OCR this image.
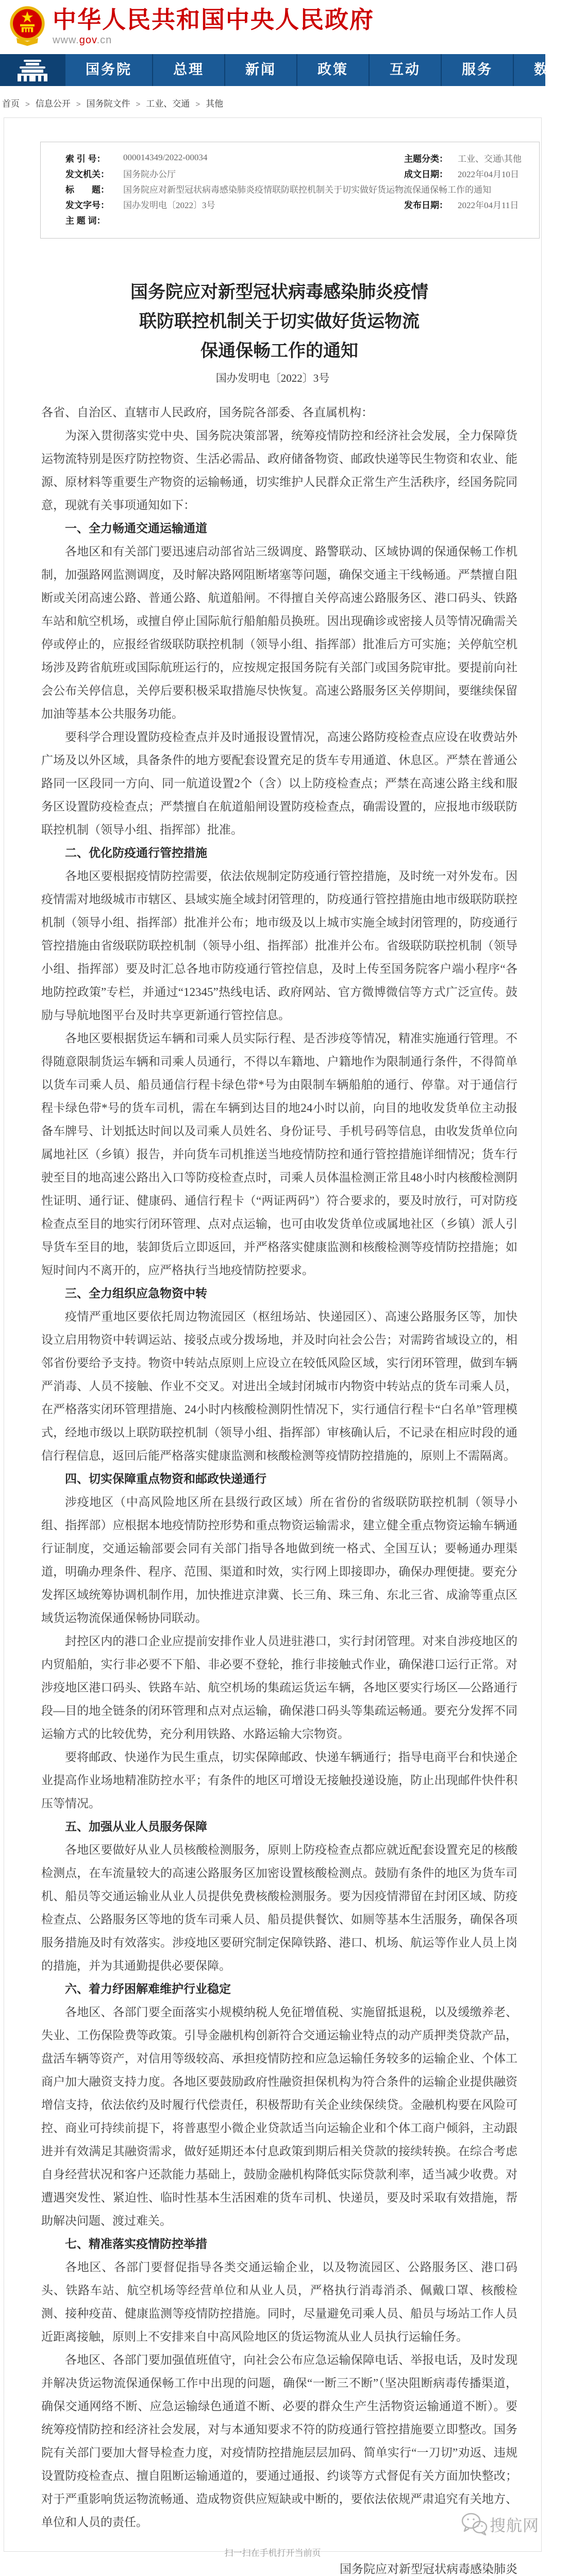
中华人民共和国中央人民政府
www.gov.cn
国务院	总理	新闻	政策	互动	服务	数据
首页 > 信息公开 > 国务院文件 > 工业、交通 > 其他
索 引 号：	000014349/2022-00034	主题分类：	工业、交通\其他
发文机关：	国务院办公厅	成文日期：	2022年04月10日
标　　题：	国务院应对新型冠状病毒感染肺炎疫情联防联控机制关于切实做好货运物流保通保畅工作的通知
发文字号：	国办发明电〔2022〕3号	发布日期：	2022年04月11日
主 题 词：
国务院应对新型冠状病毒感染肺炎疫情
联防联控机制关于切实做好货运物流
保通保畅工作的通知
国办发明电〔2022〕3号

各省、自治区、直辖市人民政府，国务院各部委、各直属机构：

为深入贯彻落实党中央、国务院决策部署，统筹疫情防控和经济社会发展，全力保障货运物流特别是医疗防控物资、生活必需品、政府储备物资、邮政快递等民生物资和农业、能源、原材料等重要生产物资的运输畅通，切实维护人民群众正常生产生活秩序，经国务院同意，现就有关事项通知如下：

一、全力畅通交通运输通道

各地区和有关部门要迅速启动部省站三级调度、路警联动、区域协调的保通保畅工作机制，加强路网监测调度，及时解决路网阻断堵塞等问题，确保交通主干线畅通。严禁擅自阻断或关闭高速公路、普通公路、航道船闸。不得擅自关停高速公路服务区、港口码头、铁路车站和航空机场，或擅自停止国际航行船舶船员换班。因出现确诊或密接人员等情况确需关停或停止的，应报经省级联防联控机制（领导小组、指挥部）批准后方可实施；关停航空机场涉及跨省航班或国际航班运行的，应按规定报国务院有关部门或国务院审批。要提前向社会公布关停信息，关停后要积极采取措施尽快恢复。高速公路服务区关停期间，要继续保留加油等基本公共服务功能。

要科学合理设置防疫检查点并及时通报设置情况，高速公路防疫检查点应设在收费站外广场及以外区域，具备条件的地方要配套设置充足的货车专用通道、休息区。严禁在普通公路同一区段同一方向、同一航道设置2个（含）以上防疫检查点；严禁在高速公路主线和服务区设置防疫检查点；严禁擅自在航道船闸设置防疫检查点，确需设置的，应报地市级联防联控机制（领导小组、指挥部）批准。

二、优化防疫通行管控措施

各地区要根据疫情防控需要，依法依规制定防疫通行管控措施，及时统一对外发布。因疫情需对地级城市市辖区、县域实施全域封闭管理的，防疫通行管控措施由地市级联防联控机制（领导小组、指挥部）批准并公布；地市级及以上城市实施全域封闭管理的，防疫通行管控措施由省级联防联控机制（领导小组、指挥部）批准并公布。省级联防联控机制（领导小组、指挥部）要及时汇总各地市防疫通行管控信息，及时上传至国务院客户端小程序“各地防控政策”专栏，并通过“12345”热线电话、政府网站、官方微博微信等方式广泛宣传。鼓励与导航地图平台及时共享更新通行管控信息。

各地区要根据货运车辆和司乘人员实际行程、是否涉疫等情况，精准实施通行管理。不得随意限制货运车辆和司乘人员通行，不得以车籍地、户籍地作为限制通行条件，不得简单以货车司乘人员、船员通信行程卡绿色带*号为由限制车辆船舶的通行、停靠。对于通信行程卡绿色带*号的货车司机，需在车辆到达目的地24小时以前，向目的地收发货单位主动报备车牌号、计划抵达时间以及司乘人员姓名、身份证号、手机号码等信息，由收发货单位向属地社区（乡镇）报告，并向货车司机推送当地疫情防控和通行管控措施详细情况；货车行驶至目的地高速公路出入口等防疫检查点时，司乘人员体温检测正常且48小时内核酸检测阴性证明、通行证、健康码、通信行程卡（“两证两码”）符合要求的，要及时放行，可对防疫检查点至目的地实行闭环管理、点对点运输，也可由收发货单位或属地社区（乡镇）派人引导货车至目的地，装卸货后立即返回，并严格落实健康监测和核酸检测等疫情防控措施；如短时间内不离开的，应严格执行当地疫情防控要求。

三、全力组织应急物资中转

疫情严重地区要依托周边物流园区（枢纽场站、快递园区）、高速公路服务区等，加快设立启用物资中转调运站、接驳点或分拨场地，并及时向社会公告；对需跨省域设立的，相邻省份要给予支持。物资中转站点原则上应设立在较低风险区域，实行闭环管理，做到车辆严消毒、人员不接触、作业不交叉。对进出全域封闭城市内物资中转站点的货车司乘人员，在严格落实闭环管理措施、24小时内核酸检测阴性情况下，实行通信行程卡“白名单”管理模式，经地市级以上联防联控机制（领导小组、指挥部）审核确认后，不记录在相应时段的通信行程信息，返回后能严格落实健康监测和核酸检测等疫情防控措施的，原则上不需隔离。

四、切实保障重点物资和邮政快递通行

涉疫地区（中高风险地区所在县级行政区域）所在省份的省级联防联控机制（领导小组、指挥部）应根据本地疫情防控形势和重点物资运输需求，建立健全重点物资运输车辆通行证制度，交通运输部要会同有关部门指导各地做到统一格式、全国互认；要畅通办理渠道，明确办理条件、程序、范围、渠道和时效，实行网上即接即办，确保办理便捷。要充分发挥区域统筹协调机制作用，加快推进京津冀、长三角、珠三角、东北三省、成渝等重点区域货运物流保通保畅协同联动。

封控区内的港口企业应提前安排作业人员进驻港口，实行封闭管理。对来自涉疫地区的内贸船舶，实行非必要不下船、非必要不登轮，推行非接触式作业，确保港口运行正常。对涉疫地区港口码头、铁路车站、航空机场的集疏运货运车辆，各地区要实行场区—公路通行段—目的地全链条的闭环管理和点对点运输，确保港口码头等集疏运畅通。要充分发挥不同运输方式的比较优势，充分利用铁路、水路运输大宗物资。

要将邮政、快递作为民生重点，切实保障邮政、快递车辆通行；指导电商平台和快递企业提高作业场地精准防控水平；有条件的地区可增设无接触投递设施，防止出现邮件快件积压等情况。

五、加强从业人员服务保障

各地区要做好从业人员核酸检测服务，原则上防疫检查点都应就近配套设置充足的核酸检测点，在车流量较大的高速公路服务区加密设置核酸检测点。鼓励有条件的地区为货车司机、船员等交通运输业从业人员提供免费核酸检测服务。要为因疫情滞留在封闭区域、防疫检查点、公路服务区等地的货车司乘人员、船员提供餐饮、如厕等基本生活服务，确保各项服务措施及时有效落实。涉疫地区要研究制定保障铁路、港口、机场、航运等作业人员上岗的措施，并为其通勤提供必要保障。

六、着力纾困解难维护行业稳定

各地区、各部门要全面落实小规模纳税人免征增值税、实施留抵退税，以及缓缴养老、失业、工伤保险费等政策。引导金融机构创新符合交通运输业特点的动产质押类贷款产品，盘活车辆等资产，对信用等级较高、承担疫情防控和应急运输任务较多的运输企业、个体工商户加大融资支持力度。各地区要鼓励政府性融资担保机构为符合条件的运输企业提供融资增信支持，依法依约及时履行代偿责任，积极帮助有关企业续保续贷。金融机构要在风险可控、商业可持续前提下，将普惠型小微企业贷款适当向运输企业和个体工商户倾斜，主动跟进并有效满足其融资需求，做好延期还本付息政策到期后相关贷款的接续转换。在综合考虑自身经营状况和客户还款能力基础上，鼓励金融机构降低实际贷款利率，适当减少收费。对遭遇突发性、紧迫性、临时性基本生活困难的货车司机、快递员，要及时采取有效措施，帮助解决问题、渡过难关。

七、精准落实疫情防控举措

各地区、各部门要督促指导各类交通运输企业，以及物流园区、公路服务区、港口码头、铁路车站、航空机场等经营单位和从业人员，严格执行消毒消杀、佩戴口罩、核酸检测、接种疫苗、健康监测等疫情防控措施。同时，尽量避免司乘人员、船员与场站工作人员近距离接触，原则上不安排来自中高风险地区的货运物流从业人员执行运输任务。

各地区、各部门要加强值班值守，向社会公布应急运输保障电话、举报电话，及时发现并解决货运物流保通保畅工作中出现的问题，确保“一断三不断”（坚决阻断病毒传播渠道，确保交通网络不断、应急运输绿色通道不断、必要的群众生产生活物资运输通道不断）。要统筹疫情防控和经济社会发展，对与本通知要求不符的防疫通行管控措施要立即整改。国务院有关部门要加大督导检查力度，对疫情防控措施层层加码、简单实行“一刀切”劝返、违规设置防疫检查点、擅自阻断运输通道的，要通过通报、约谈等方式督促有关方面加快整改；对于严重影响货运物流畅通、造成物资供应短缺或中断的，要依法依规严肃追究有关地方、单位和人员的责任。

国务院应对新型冠状病毒感染肺炎
搜航网
扫一扫在手机打开当前页
